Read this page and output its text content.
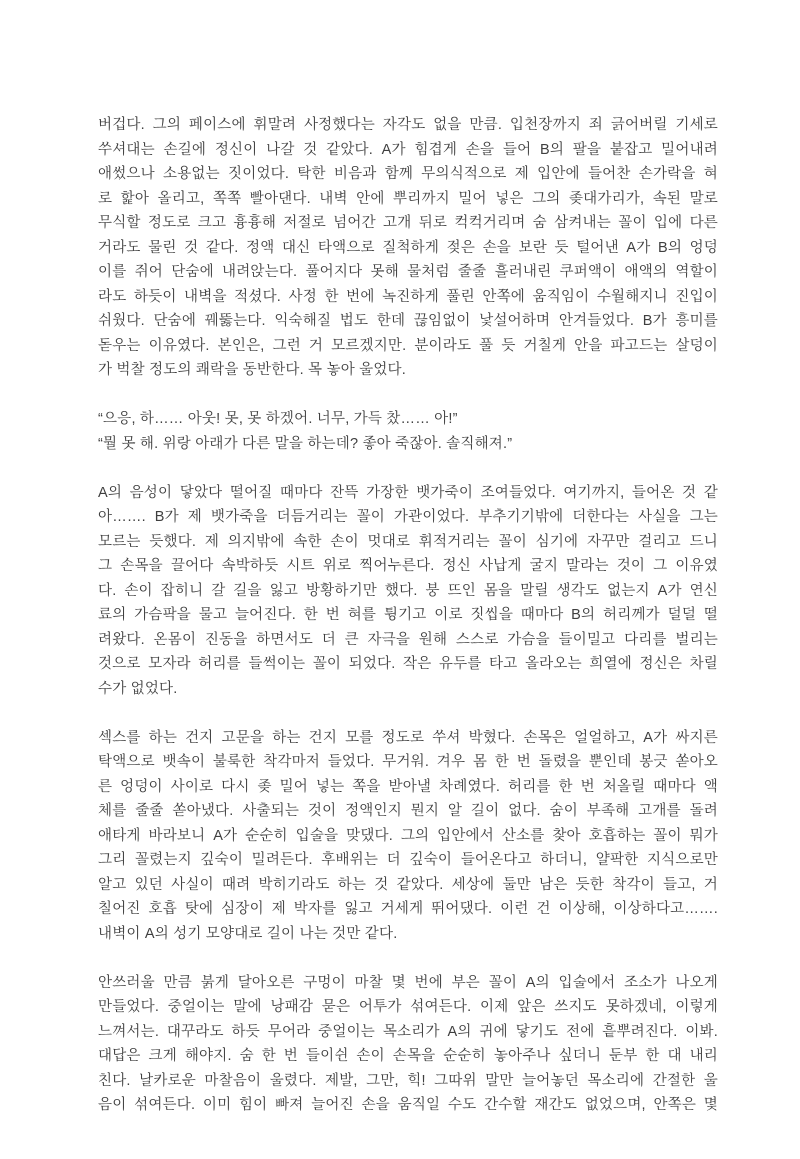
버겁다. 그의 페이스에 휘말려 사정했다는 자각도 없을 만큼. 입천장까지 죄 긁어버릴 기세로
쑤셔대는 손길에 정신이 나갈 것 같았다. A가 힘겹게 손을 들어 B의 팔을 붙잡고 밀어내려
애썼으나 소용없는 짓이었다. 탁한 비음과 함께 무의식적으로 제 입안에 들어찬 손가락을 혀
로 핥아 올리고, 쪽쪽 빨아댄다. 내벽 안에 뿌리까지 밀어 넣은 그의 좆대가리가, 속된 말로
무식할 정도로 크고 흉흉해 저절로 넘어간 고개 뒤로 컥컥거리며 숨 삼켜내는 꼴이 입에 다른
거라도 물린 것 같다. 정액 대신 타액으로 질척하게 젖은 손을 보란 듯 털어낸 A가 B의 엉덩
이를 쥐어 단숨에 내려앉는다. 풀어지다 못해 물처럼 줄줄 흘러내린 쿠퍼액이 애액의 역할이
라도 하듯이 내벽을 적셨다. 사정 한 번에 녹진하게 풀린 안쪽에 움직임이 수월해지니 진입이
쉬웠다. 단숨에 꿰뚫는다. 익숙해질 법도 한데 끊임없이 낯설어하며 안겨들었다. B가 흥미를
돋우는 이유였다. 본인은, 그런 거 모르겠지만. 분이라도 풀 듯 거칠게 안을 파고드는 살덩이
가 벅찰 정도의 쾌락을 동반한다. 목 놓아 울었다.

“으응, 하…… 아웃! 못, 못 하겠어. 너무, 가득 찼…… 아!”
“뭘 못 해. 위랑 아래가 다른 말을 하는데? 좋아 죽잖아. 솔직해져.”

A의 음성이 닿았다 떨어질 때마다 잔뜩 가장한 뱃가죽이 조여들었다. 여기까지, 들어온 것 같
아……. B가 제 뱃가죽을 더듬거리는 꼴이 가관이었다. 부추기기밖에 더한다는 사실을 그는
모르는 듯했다. 제 의지밖에 속한 손이 멋대로 휘적거리는 꼴이 심기에 자꾸만 걸리고 드니
그 손목을 끌어다 속박하듯 시트 위로 찍어누른다. 정신 사납게 굴지 말라는 것이 그 이유였
다. 손이 잡히니 갈 길을 잃고 방황하기만 했다. 붕 뜨인 몸을 말릴 생각도 없는지 A가 연신
료의 가슴팍을 물고 늘어진다. 한 번 혀를 튕기고 이로 짓씹을 때마다 B의 허리께가 덜덜 떨
려왔다. 온몸이 진동을 하면서도 더 큰 자극을 원해 스스로 가슴을 들이밀고 다리를 벌리는
것으로 모자라 허리를 들썩이는 꼴이 되었다. 작은 유두를 타고 올라오는 희열에 정신은 차릴
수가 없었다.

섹스를 하는 건지 고문을 하는 건지 모를 정도로 쑤셔 박혔다. 손목은 얼얼하고, A가 싸지른
탁액으로 뱃속이 불룩한 착각마저 들었다. 무거워. 겨우 몸 한 번 돌렸을 뿐인데 봉긋 쏟아오
른 엉덩이 사이로 다시 좆 밀어 넣는 쪽을 받아낼 차례였다. 허리를 한 번 처올릴 때마다 액
체를 줄줄 쏟아냈다. 사출되는 것이 정액인지 뭔지 알 길이 없다. 숨이 부족해 고개를 돌려
애타게 바라보니 A가 순순히 입술을 맞댔다. 그의 입안에서 산소를 찾아 호흡하는 꼴이 뭐가
그리 꼴렸는지 깊숙이 밀려든다. 후배위는 더 깊숙이 들어온다고 하더니, 얄팍한 지식으로만
알고 있던 사실이 때려 박히기라도 하는 것 같았다. 세상에 둘만 남은 듯한 착각이 들고, 거
칠어진 호흡 탓에 심장이 제 박자를 잃고 거세게 뛰어댔다. 이런 건 이상해, 이상하다고…….
내벽이 A의 성기 모양대로 길이 나는 것만 같다.

안쓰러울 만큼 붉게 달아오른 구멍이 마찰 몇 번에 부은 꼴이 A의 입술에서 조소가 나오게
만들었다. 중얼이는 말에 낭패감 묻은 어투가 섞여든다. 이제 앞은 쓰지도 못하겠네, 이렇게
느껴서는. 대꾸라도 하듯 무어라 중얼이는 목소리가 A의 귀에 닿기도 전에 흩뿌려진다. 이봐.
대답은 크게 해야지. 숨 한 번 들이쉰 손이 손목을 순순히 놓아주나 싶더니 둔부 한 대 내리
친다. 날카로운 마찰음이 울렸다. 제발, 그만, 힉! 그따위 말만 늘어놓던 목소리에 간절한 울
음이 섞여든다. 이미 힘이 빠져 늘어진 손을 움직일 수도 간수할 재간도 없었으며, 안쪽은 몇
